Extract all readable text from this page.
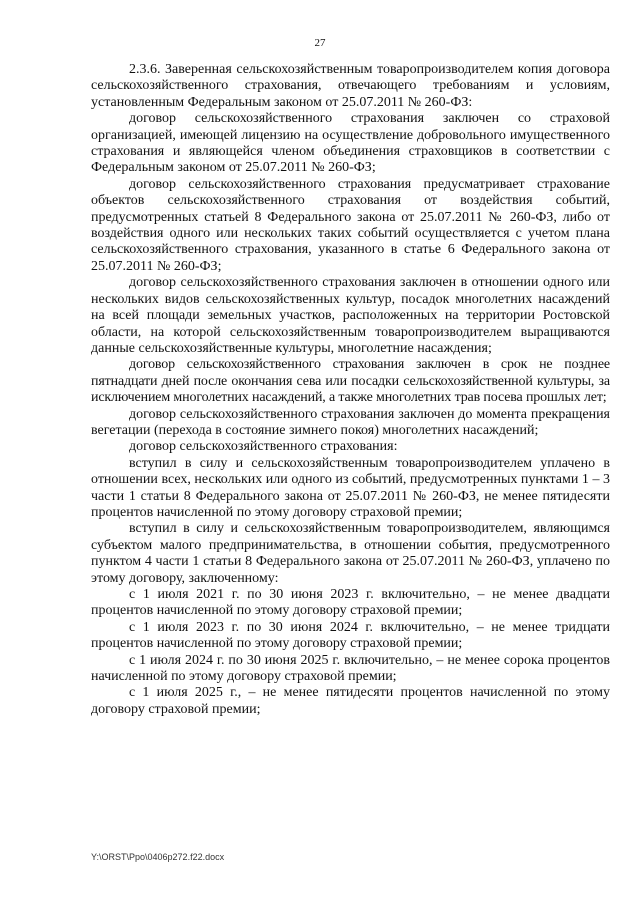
27

2.3.6. Заверенная сельскохозяйственным товаропроизводителем копия договора сельскохозяйственного страхования, отвечающего требованиям и условиям, установленным Федеральным законом от 25.07.2011 № 260-ФЗ:

договор сельскохозяйственного страхования заключен со страховой организацией, имеющей лицензию на осуществление добровольного имущественного страхования и являющейся членом объединения страховщиков в соответствии с Федеральным законом от 25.07.2011 № 260-ФЗ;

договор сельскохозяйственного страхования предусматривает страхование объектов сельскохозяйственного страхования от воздействия событий, предусмотренных статьей 8 Федерального закона от 25.07.2011 № 260-ФЗ, либо от воздействия одного или нескольких таких событий осуществляется с учетом плана сельскохозяйственного страхования, указанного в статье 6 Федерального закона от 25.07.2011 № 260-ФЗ;

договор сельскохозяйственного страхования заключен в отношении одного или нескольких видов сельскохозяйственных культур, посадок многолетних насаждений на всей площади земельных участков, расположенных на территории Ростовской области, на которой сельскохозяйственным товаропроизводителем выращиваются данные сельскохозяйственные культуры, многолетние насаждения;

договор сельскохозяйственного страхования заключен в срок не позднее пятнадцати дней после окончания сева или посадки сельскохозяйственной культуры, за исключением многолетних насаждений, а также многолетних трав посева прошлых лет;

договор сельскохозяйственного страхования заключен до момента прекращения вегетации (перехода в состояние зимнего покоя) многолетних насаждений;

договор сельскохозяйственного страхования:

вступил в силу и сельскохозяйственным товаропроизводителем уплачено в отношении всех, нескольких или одного из событий, предусмотренных пунктами 1 – 3 части 1 статьи 8 Федерального закона от 25.07.2011 № 260-ФЗ, не менее пятидесяти процентов начисленной по этому договору страховой премии;

вступил в силу и сельскохозяйственным товаропроизводителем, являющимся субъектом малого предпринимательства, в отношении события, предусмотренного пунктом 4 части 1 статьи 8 Федерального закона от 25.07.2011 № 260-ФЗ, уплачено по этому договору, заключенному:

с 1 июля 2021 г. по 30 июня 2023 г. включительно, – не менее двадцати процентов начисленной по этому договору страховой премии;

с 1 июля 2023 г. по 30 июня 2024 г. включительно, – не менее тридцати процентов начисленной по этому договору страховой премии;

с 1 июля 2024 г. по 30 июня 2025 г. включительно, – не менее сорока процентов начисленной по этому договору страховой премии;

с 1 июля 2025 г., – не менее пятидесяти процентов начисленной по этому договору страховой премии;

Y:\ORST\Ppo\0406p272.f22.docx
